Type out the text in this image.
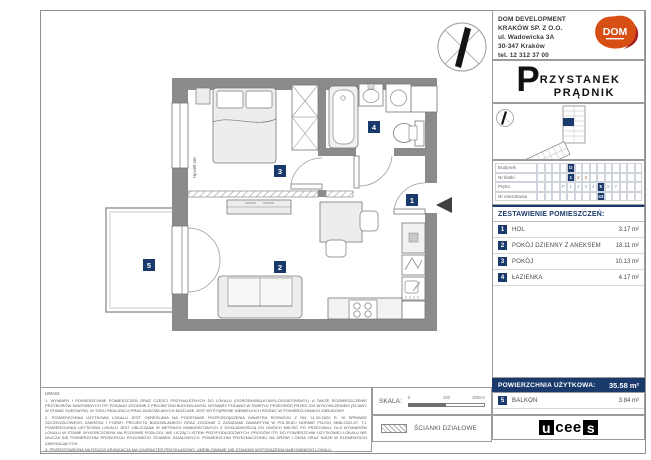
Hp=80 cm
1
2
3
4
5
DOM DEVELOPMENT
KRAKÓW SP. Z O.O.
ul. Wadowicka 3A
30-347 Kraków
tel. 12 312 37 00
DOM
P RZYSTANEK
PRĄDNIK
Budynek	D
Nr klatki	1	2	3
Piętro	P	1	2	3	4	5	6	7
Nr mieszkania	43
ZESTAWIENIE POMIESZCZEŃ:
1	HOL	3.17 m²
2	POKÓJ DZIENNY Z ANEKSEM	18.11 m²
3	POKÓJ	10.13 m²
4	ŁAZIENKA	4.17 m²
POWIERZCHNIA UŻYTKOWA: 35.58 m²
5	BALKON	3.84 m²
u cee s
UWAGI:
1. WYMIARY I POWIERZCHNIE POMIESZCZEŃ ORAZ CZĘŚCI PRZYNALEŻNYCH DO LOKALU (OGRÓDKI/BALKONY/LOGGIE/TARASY), A TAKŻE ROZMIESZCZENIE PRZYBORÓW SANITARNYCH ITP. PODANO ZGODNIE Z PROJEKTEM BUDOWLANYM. WYMIARY PODANO W ŚWIETLE PRZEGRÓD PRZED ICH WYKOŃCZENIEM (ŚCIANY W STANIE SUROWYM). W TOKU REALIZACJI PRAC BUDOWLANYCH MOŻLIWE JEST WYSTĄPIENIE NIEWIELKICH RÓŻNIC W POWIERZCHNIACH ZABUDOWY.
2. POWIERZCHNIA UŻYTKOWA LOKALU JEST OKREŚLANA NA PODSTAWIE ROZPORZĄDZENIA MINISTRA ROZWOJU Z DN. 11.09.2020 R. W SPRAWIE SZCZEGÓŁOWEGO ZAKRESU I FORMY PROJEKTU BUDOWLANEGO ORAZ ZGODNIE Z ZASADAMI ZAWARTYMI W POLSKIEJ NORMIE PN-ISO 9836:2022-07, TJ. POWIERZCHNIA UŻYTKOWA LOKALU JEST OBLICZANA W METRACH KWADRATOWYCH Z DOKŁADNOŚCIĄ DO DWÓCH MIEJSC PO PRZECINKU, DLA WYMIARÓW LOKALU W STANIE WYKOŃCZONYM NA POZIOMIE PODŁOGI, NIE LICZĄC LISTEW PRZYPODŁOGOWYCH, PROGÓW ITP. DO POWIERZCHNI UŻYTKOWEJ LOKALU NIE WLICZA SIĘ POWIERZCHNI PRZEKROJU POZIOMEGO ŚCIANEK DZIAŁOWYCH, POWIERZCHNI PRZEZNACZONEJ NA DRZWI I OKNA ORAZ NISZE W ELEMENTACH ZAMYKAJĄCYCH.
3. PRZEDSTAWIONA NA RZUCIE ARANŻACJA MA CHARAKTER PRZYKŁADOWY. UMEBLOWANIE NIE STANOWI WYPOSAŻENIA NABYWANEGO LOKALU.
SKALA: 0	100	200cm
ŚCIANKI DZIAŁOWE
